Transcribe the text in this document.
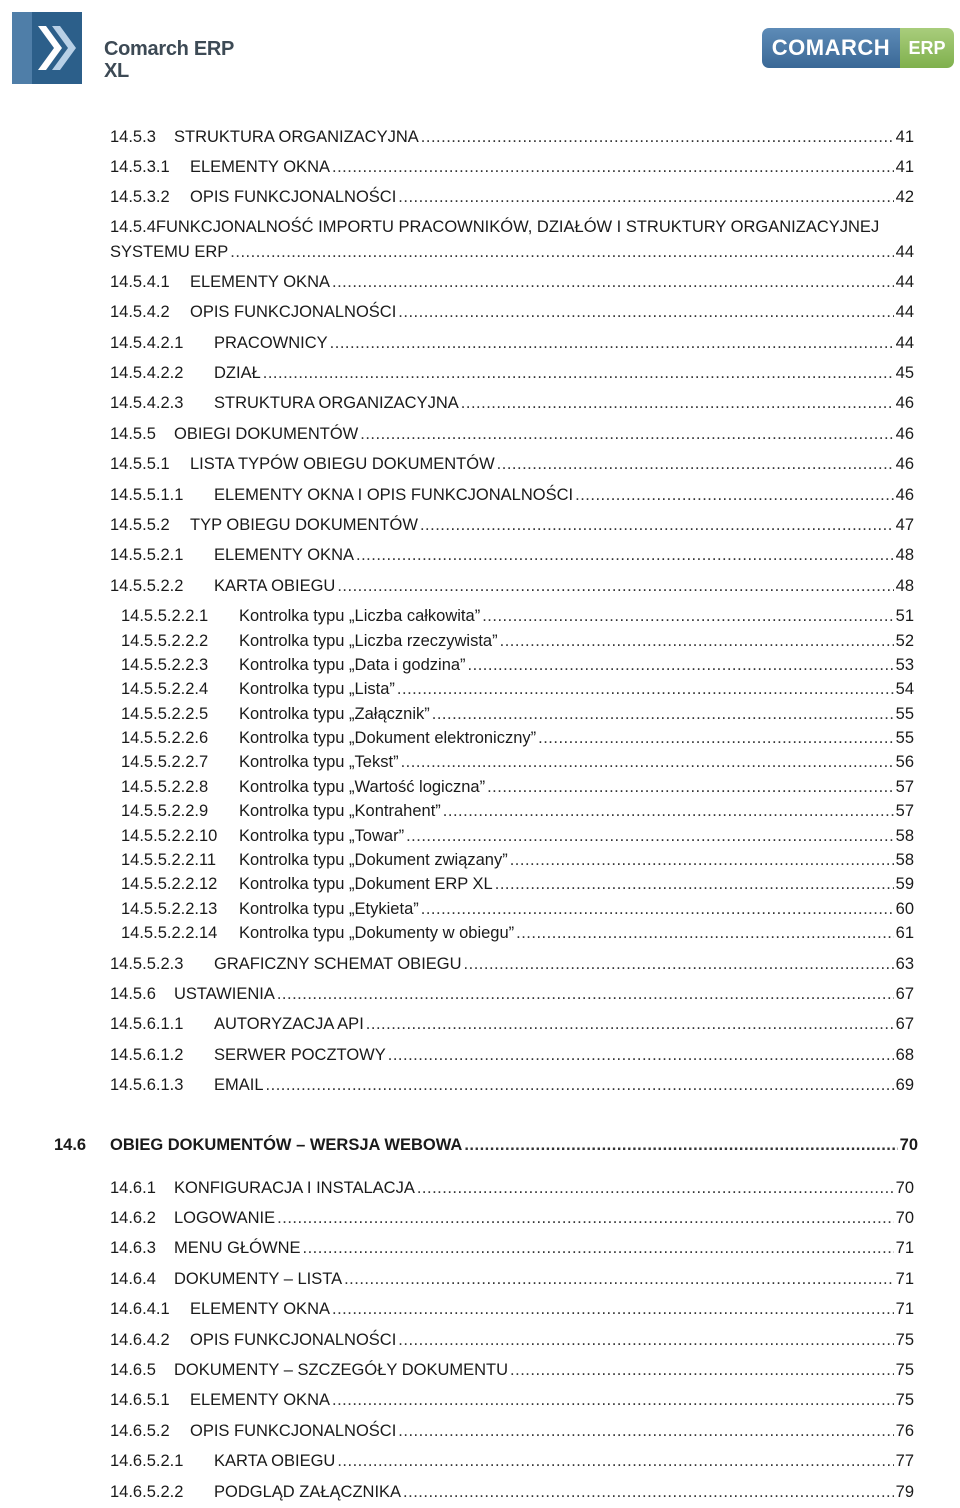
Comarch ERP
XL
COMARCH	ERP
14.5.3	STRUKTURA ORGANIZACYJNA .....	41
14.5.3.1	ELEMENTY OKNA .....	41
14.5.3.2	OPIS FUNKCJONALNOŚCI .....	42
14.5.4FUNKCJONALNOŚĆ IMPORTU PRACOWNIKÓW, DZIAŁÓW I STRUKTURY ORGANIZACYJNEJ
SYSTEMU ERP .....	44
14.5.4.1	ELEMENTY OKNA .....	44
14.5.4.2	OPIS FUNKCJONALNOŚCI .....	44
14.5.4.2.1	PRACOWNICY .....	44
14.5.4.2.2	DZIAŁ .....	45
14.5.4.2.3	STRUKTURA ORGANIZACYJNA .....	46
14.5.5	OBIEGI DOKUMENTÓW .....	46
14.5.5.1	LISTA TYPÓW OBIEGU DOKUMENTÓW .....	46
14.5.5.1.1	ELEMENTY OKNA I OPIS FUNKCJONALNOŚCI .....	46
14.5.5.2	TYP OBIEGU DOKUMENTÓW .....	47
14.5.5.2.1	ELEMENTY OKNA .....	48
14.5.5.2.2	KARTA OBIEGU .....	48
14.5.5.2.2.1	Kontrolka typu „Liczba całkowita” .....	51
14.5.5.2.2.2	Kontrolka typu „Liczba rzeczywista” .....	52
14.5.5.2.2.3	Kontrolka typu „Data i godzina” .....	53
14.5.5.2.2.4	Kontrolka typu „Lista” .....	54
14.5.5.2.2.5	Kontrolka typu „Załącznik” .....	55
14.5.5.2.2.6	Kontrolka typu „Dokument elektroniczny” .....	55
14.5.5.2.2.7	Kontrolka typu „Tekst” .....	56
14.5.5.2.2.8	Kontrolka typu „Wartość logiczna” .....	57
14.5.5.2.2.9	Kontrolka typu „Kontrahent” .....	57
14.5.5.2.2.10	Kontrolka typu „Towar” .....	58
14.5.5.2.2.11	Kontrolka typu „Dokument związany” .....	58
14.5.5.2.2.12	Kontrolka typu „Dokument ERP XL .....	59
14.5.5.2.2.13	Kontrolka typu „Etykieta” .....	60
14.5.5.2.2.14	Kontrolka typu „Dokumenty w obiegu” .....	61
14.5.5.2.3	GRAFICZNY SCHEMAT OBIEGU .....	63
14.5.6	USTAWIENIA .....	67
14.5.6.1.1	AUTORYZACJA API .....	67
14.5.6.1.2	SERWER POCZTOWY .....	68
14.5.6.1.3	EMAIL .....	69
14.6	OBIEG DOKUMENTÓW – WERSJA WEBOWA .....	70
14.6.1	KONFIGURACJA I INSTALACJA .....	70
14.6.2	LOGOWANIE .....	70
14.6.3	MENU GŁÓWNE .....	71
14.6.4	DOKUMENTY – LISTA .....	71
14.6.4.1	ELEMENTY OKNA .....	71
14.6.4.2	OPIS FUNKCJONALNOŚCI .....	75
14.6.5	DOKUMENTY – SZCZEGÓŁY DOKUMENTU .....	75
14.6.5.1	ELEMENTY OKNA .....	75
14.6.5.2	OPIS FUNKCJONALNOŚCI .....	76
14.6.5.2.1	KARTA OBIEGU .....	77
14.6.5.2.2	PODGLĄD ZAŁĄCZNIKA .....	79
